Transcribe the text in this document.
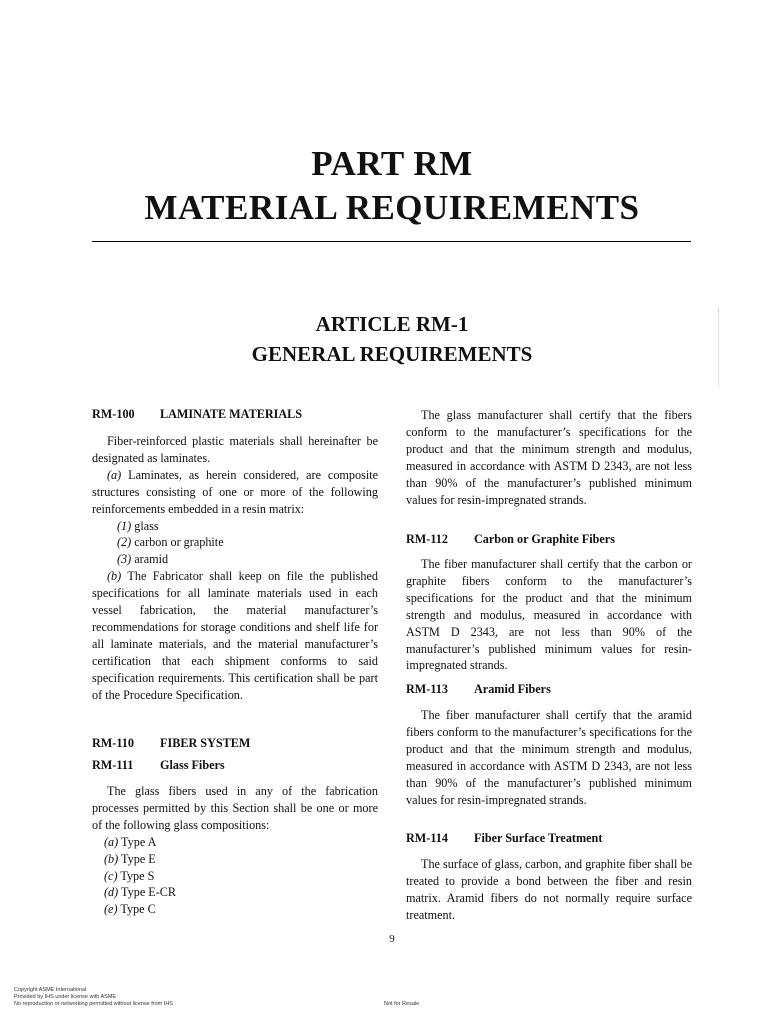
PART RM
MATERIAL REQUIREMENTS
ARTICLE RM-1
GENERAL REQUIREMENTS
RM-100 LAMINATE MATERIALS

Fiber-reinforced plastic materials shall hereinafter be designated as laminates.

(a) Laminates, as herein considered, are composite structures consisting of one or more of the following reinforcements embedded in a resin matrix:

(1) glass
(2) carbon or graphite
(3) aramid

(b) The Fabricator shall keep on file the published specifications for all laminate materials used in each vessel fabrication, the material manufacturer’s recommendations for storage conditions and shelf life for all laminate materials, and the material manufacturer’s certification that each shipment conforms to said specification requirements. This certification shall be part of the Procedure Specification.

RM-110 FIBER SYSTEM
RM-111 Glass Fibers

The glass fibers used in any of the fabrication processes permitted by this Section shall be one or more of the following glass compositions:

(a) Type A
(b) Type E
(c) Type S
(d) Type E-CR
(e) Type C

The glass manufacturer shall certify that the fibers conform to the manufacturer’s specifications for the product and that the minimum strength and modulus, measured in accordance with ASTM D 2343, are not less than 90% of the manufacturer’s published minimum values for resin-impregnated strands.

RM-112 Carbon or Graphite Fibers

The fiber manufacturer shall certify that the carbon or graphite fibers conform to the manufacturer’s specifications for the product and that the minimum strength and modulus, measured in accordance with ASTM D 2343, are not less than 90% of the manufacturer’s published minimum values for resin-impregnated strands.

RM-113 Aramid Fibers

The fiber manufacturer shall certify that the aramid fibers conform to the manufacturer’s specifications for the product and that the minimum strength and modulus, measured in accordance with ASTM D 2343, are not less than 90% of the manufacturer’s published minimum values for resin-impregnated strands.

RM-114 Fiber Surface Treatment

The surface of glass, carbon, and graphite fiber shall be treated to provide a bond between the fiber and resin matrix. Aramid fibers do not normally require surface treatment.

9
Copyright ASME International
Provided by IHS under license with ASME
No reproduction or networking permitted without license from IHS	Not for Resale
